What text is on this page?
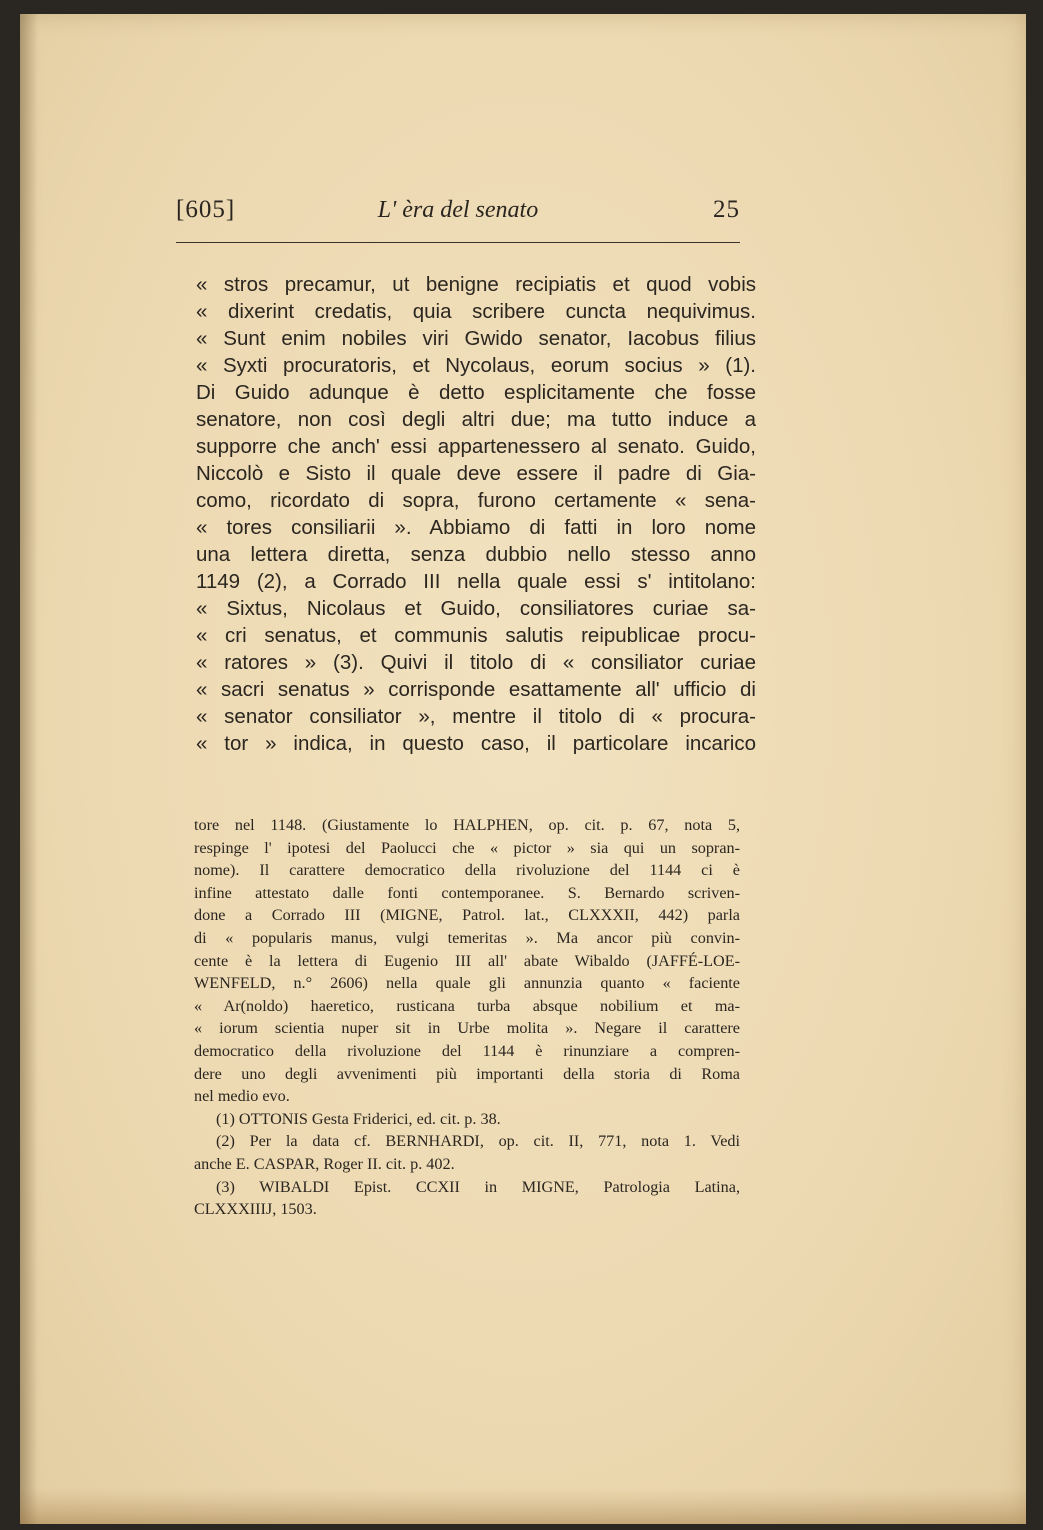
[605]	L' èra del senato	25
« stros precamur, ut benigne recipiatis et quod vobis
« dixerint credatis, quia scribere cuncta nequivimus.
« Sunt enim nobiles viri Gwido senator, Iacobus filius
« Syxti procuratoris, et Nycolaus, eorum socius » (1).
Di Guido adunque è detto esplicitamente che fosse
senatore, non così degli altri due; ma tutto induce a
supporre che anch' essi appartenessero al senato. Guido,
Niccolò e Sisto il quale deve essere il padre di Gia-
como, ricordato di sopra, furono certamente « sena-
« tores consiliarii ». Abbiamo di fatti in loro nome
una lettera diretta, senza dubbio nello stesso anno
1149 (2), a Corrado III nella quale essi s' intitolano:
« Sixtus, Nicolaus et Guido, consiliatores curiae sa-
« cri senatus, et communis salutis reipublicae procu-
« ratores » (3). Quivi il titolo di « consiliator curiae
« sacri senatus » corrisponde esattamente all' ufficio di
« senator consiliator », mentre il titolo di « procura-
« tor » indica, in questo caso, il particolare incarico
tore nel 1148. (Giustamente lo HALPHEN, op. cit. p. 67, nota 5,
respinge l' ipotesi del Paolucci che « pictor » sia qui un sopran-
nome). Il carattere democratico della rivoluzione del 1144 ci è
infine attestato dalle fonti contemporanee. S. Bernardo scriven-
done a Corrado III (MIGNE, Patrol. lat., CLXXXII, 442) parla
di « popularis manus, vulgi temeritas ». Ma ancor più convin-
cente è la lettera di Eugenio III all' abate Wibaldo (JAFFÉ-LOE-
WENFELD, n.° 2606) nella quale gli annunzia quanto « faciente
« Ar(noldo) haeretico, rusticana turba absque nobilium et ma-
« iorum scientia nuper sit in Urbe molita ». Negare il carattere
democratico della rivoluzione del 1144 è rinunziare a compren-
dere uno degli avvenimenti più importanti della storia di Roma
nel medio evo.
(1) OTTONIS Gesta Friderici, ed. cit. p. 38.
(2) Per la data cf. BERNHARDI, op. cit. II, 771, nota 1. Vedi
anche E. CASPAR, Roger II. cit. p. 402.
(3) WIBALDI Epist. CCXII in MIGNE, Patrologia Latina,
CLXXXIIIJ, 1503.
